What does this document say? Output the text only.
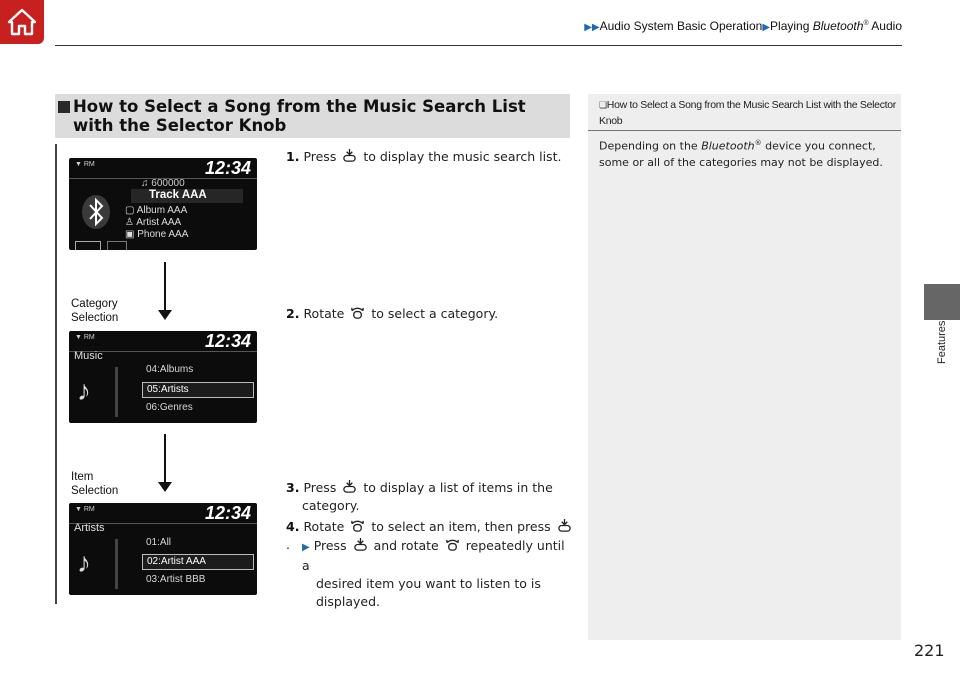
▶▶Audio System Basic Operation▶Playing Bluetooth® Audio
Features
How to Select a Song from the Music Search List with the Selector Knob
▼ RM	12:34
♫ 600000
Track AAA
▢ Album AAA
♙ Artist AAA
▣ Phone AAA
Category
Selection
▼ RM	12:34
Music
♪
04:Albums
05:Artists
06:Genres
Item
Selection
▼ RM	12:34
Artists
♪
01:All
02:Artist AAA
03:Artist BBB
1. Press to display the music search list.
2. Rotate to select a category.
3. Press to display a list of items in the
category.
4. Rotate to select an item, then press .	▶ Press and rotate repeatedly until a
desired item you want to listen to is
displayed.
❏How to Select a Song from the Music Search List with the Selector Knob
Depending on the Bluetooth® device you connect, some or all of the categories may not be displayed.
221
